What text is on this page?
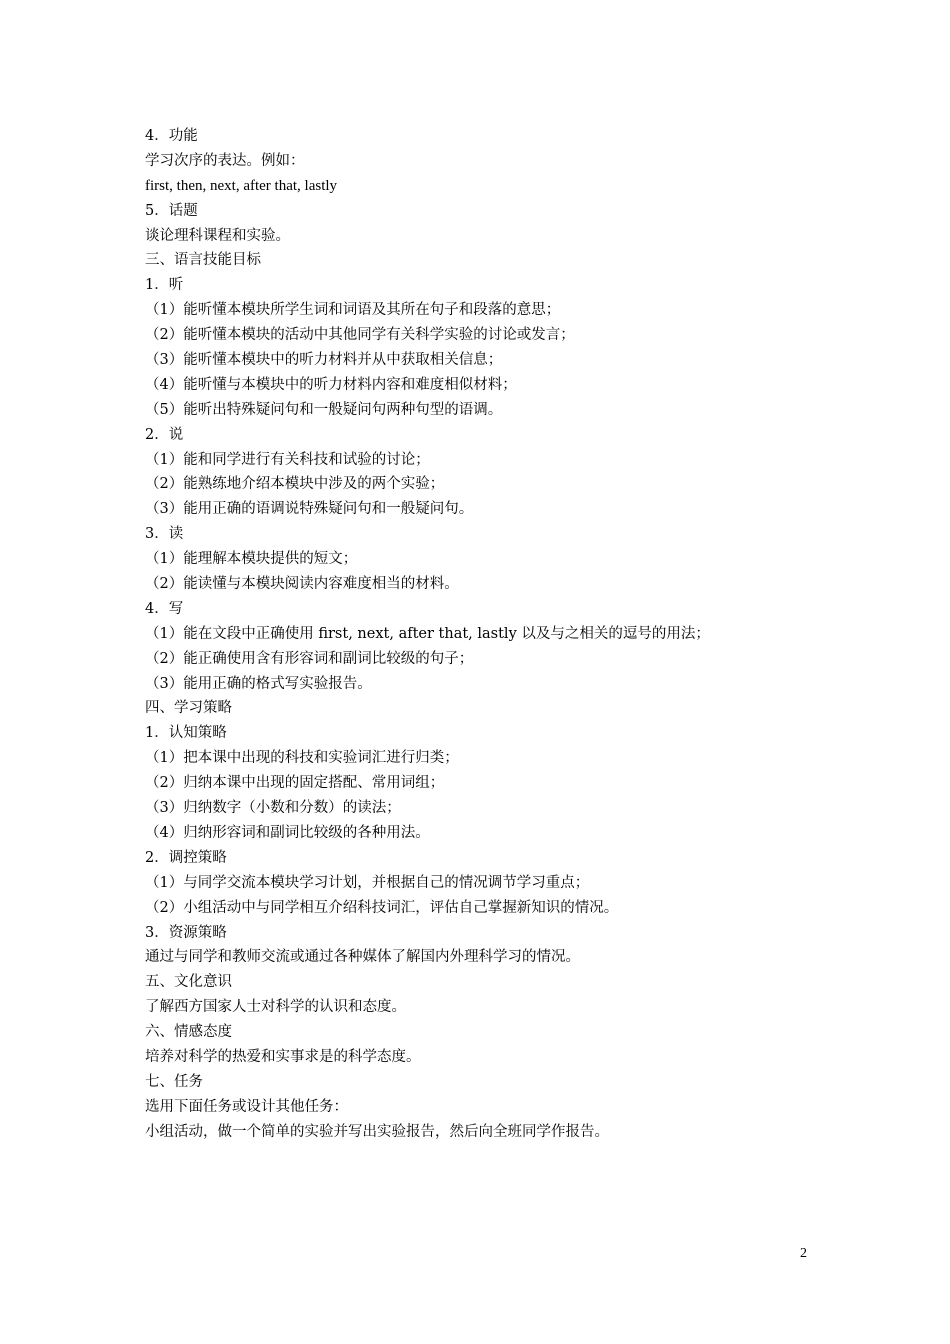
4．功能
学习次序的表达。例如：
first, then, next, after that, lastly
5．话题
谈论理科课程和实验。
三、语言技能目标
1．听
（1）能听懂本模块所学生词和词语及其所在句子和段落的意思；
（2）能听懂本模块的活动中其他同学有关科学实验的讨论或发言；
（3）能听懂本模块中的听力材料并从中获取相关信息；
（4）能听懂与本模块中的听力材料内容和难度相似材料；
（5）能听出特殊疑问句和一般疑问句两种句型的语调。
2．说
（1）能和同学进行有关科技和试验的讨论；
（2）能熟练地介绍本模块中涉及的两个实验；
（3）能用正确的语调说特殊疑问句和一般疑问句。
3．读
（1）能理解本模块提供的短文；
（2）能读懂与本模块阅读内容难度相当的材料。
4．写
（1）能在文段中正确使用 first, next, after that, lastly 以及与之相关的逗号的用法；
（2）能正确使用含有形容词和副词比较级的句子；
（3）能用正确的格式写实验报告。
四、学习策略
1．认知策略
（1）把本课中出现的科技和实验词汇进行归类；
（2）归纳本课中出现的固定搭配、常用词组；
（3）归纳数字（小数和分数）的读法；
（4）归纳形容词和副词比较级的各种用法。
2．调控策略
（1）与同学交流本模块学习计划，并根据自己的情况调节学习重点；
（2）小组活动中与同学相互介绍科技词汇，评估自己掌握新知识的情况。
3．资源策略
通过与同学和教师交流或通过各种媒体了解国内外理科学习的情况。
五、文化意识
了解西方国家人士对科学的认识和态度。
六、情感态度
培养对科学的热爱和实事求是的科学态度。
七、任务
选用下面任务或设计其他任务：
小组活动，做一个简单的实验并写出实验报告，然后向全班同学作报告。
2
